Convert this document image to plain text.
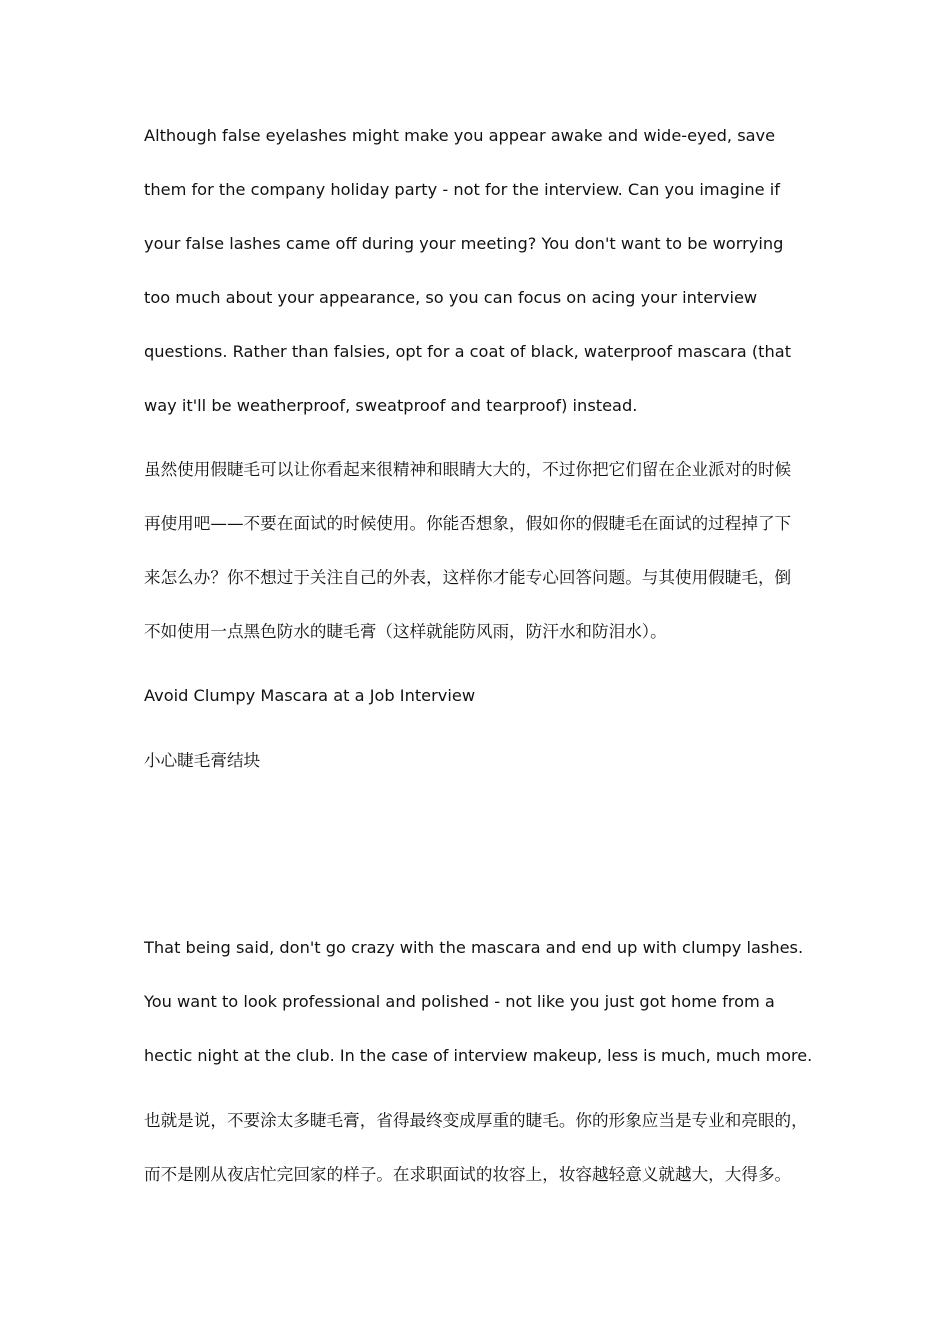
Although false eyelashes might make you appear awake and wide-eyed, save
them for the company holiday party - not for the interview. Can you imagine if
your false lashes came off during your meeting? You don't want to be worrying
too much about your appearance, so you can focus on acing your interview
questions. Rather than falsies, opt for a coat of black, waterproof mascara (that
way it'll be weatherproof, sweatproof and tearproof) instead.
虽然使用假睫毛可以让你看起来很精神和眼睛大大的，不过你把它们留在企业派对的时候
再使用吧——不要在面试的时候使用。你能否想象，假如你的假睫毛在面试的过程掉了下
来怎么办？你不想过于关注自己的外表，这样你才能专心回答问题。与其使用假睫毛，倒
不如使用一点黑色防水的睫毛膏（这样就能防风雨，防汗水和防泪水）。
Avoid Clumpy Mascara at a Job Interview
小心睫毛膏结块
That being said, don't go crazy with the mascara and end up with clumpy lashes.
You want to look professional and polished - not like you just got home from a
hectic night at the club. In the case of interview makeup, less is much, much more.
也就是说，不要涂太多睫毛膏，省得最终变成厚重的睫毛。你的形象应当是专业和亮眼的，
而不是刚从夜店忙完回家的样子。在求职面试的妆容上，妆容越轻意义就越大，大得多。
